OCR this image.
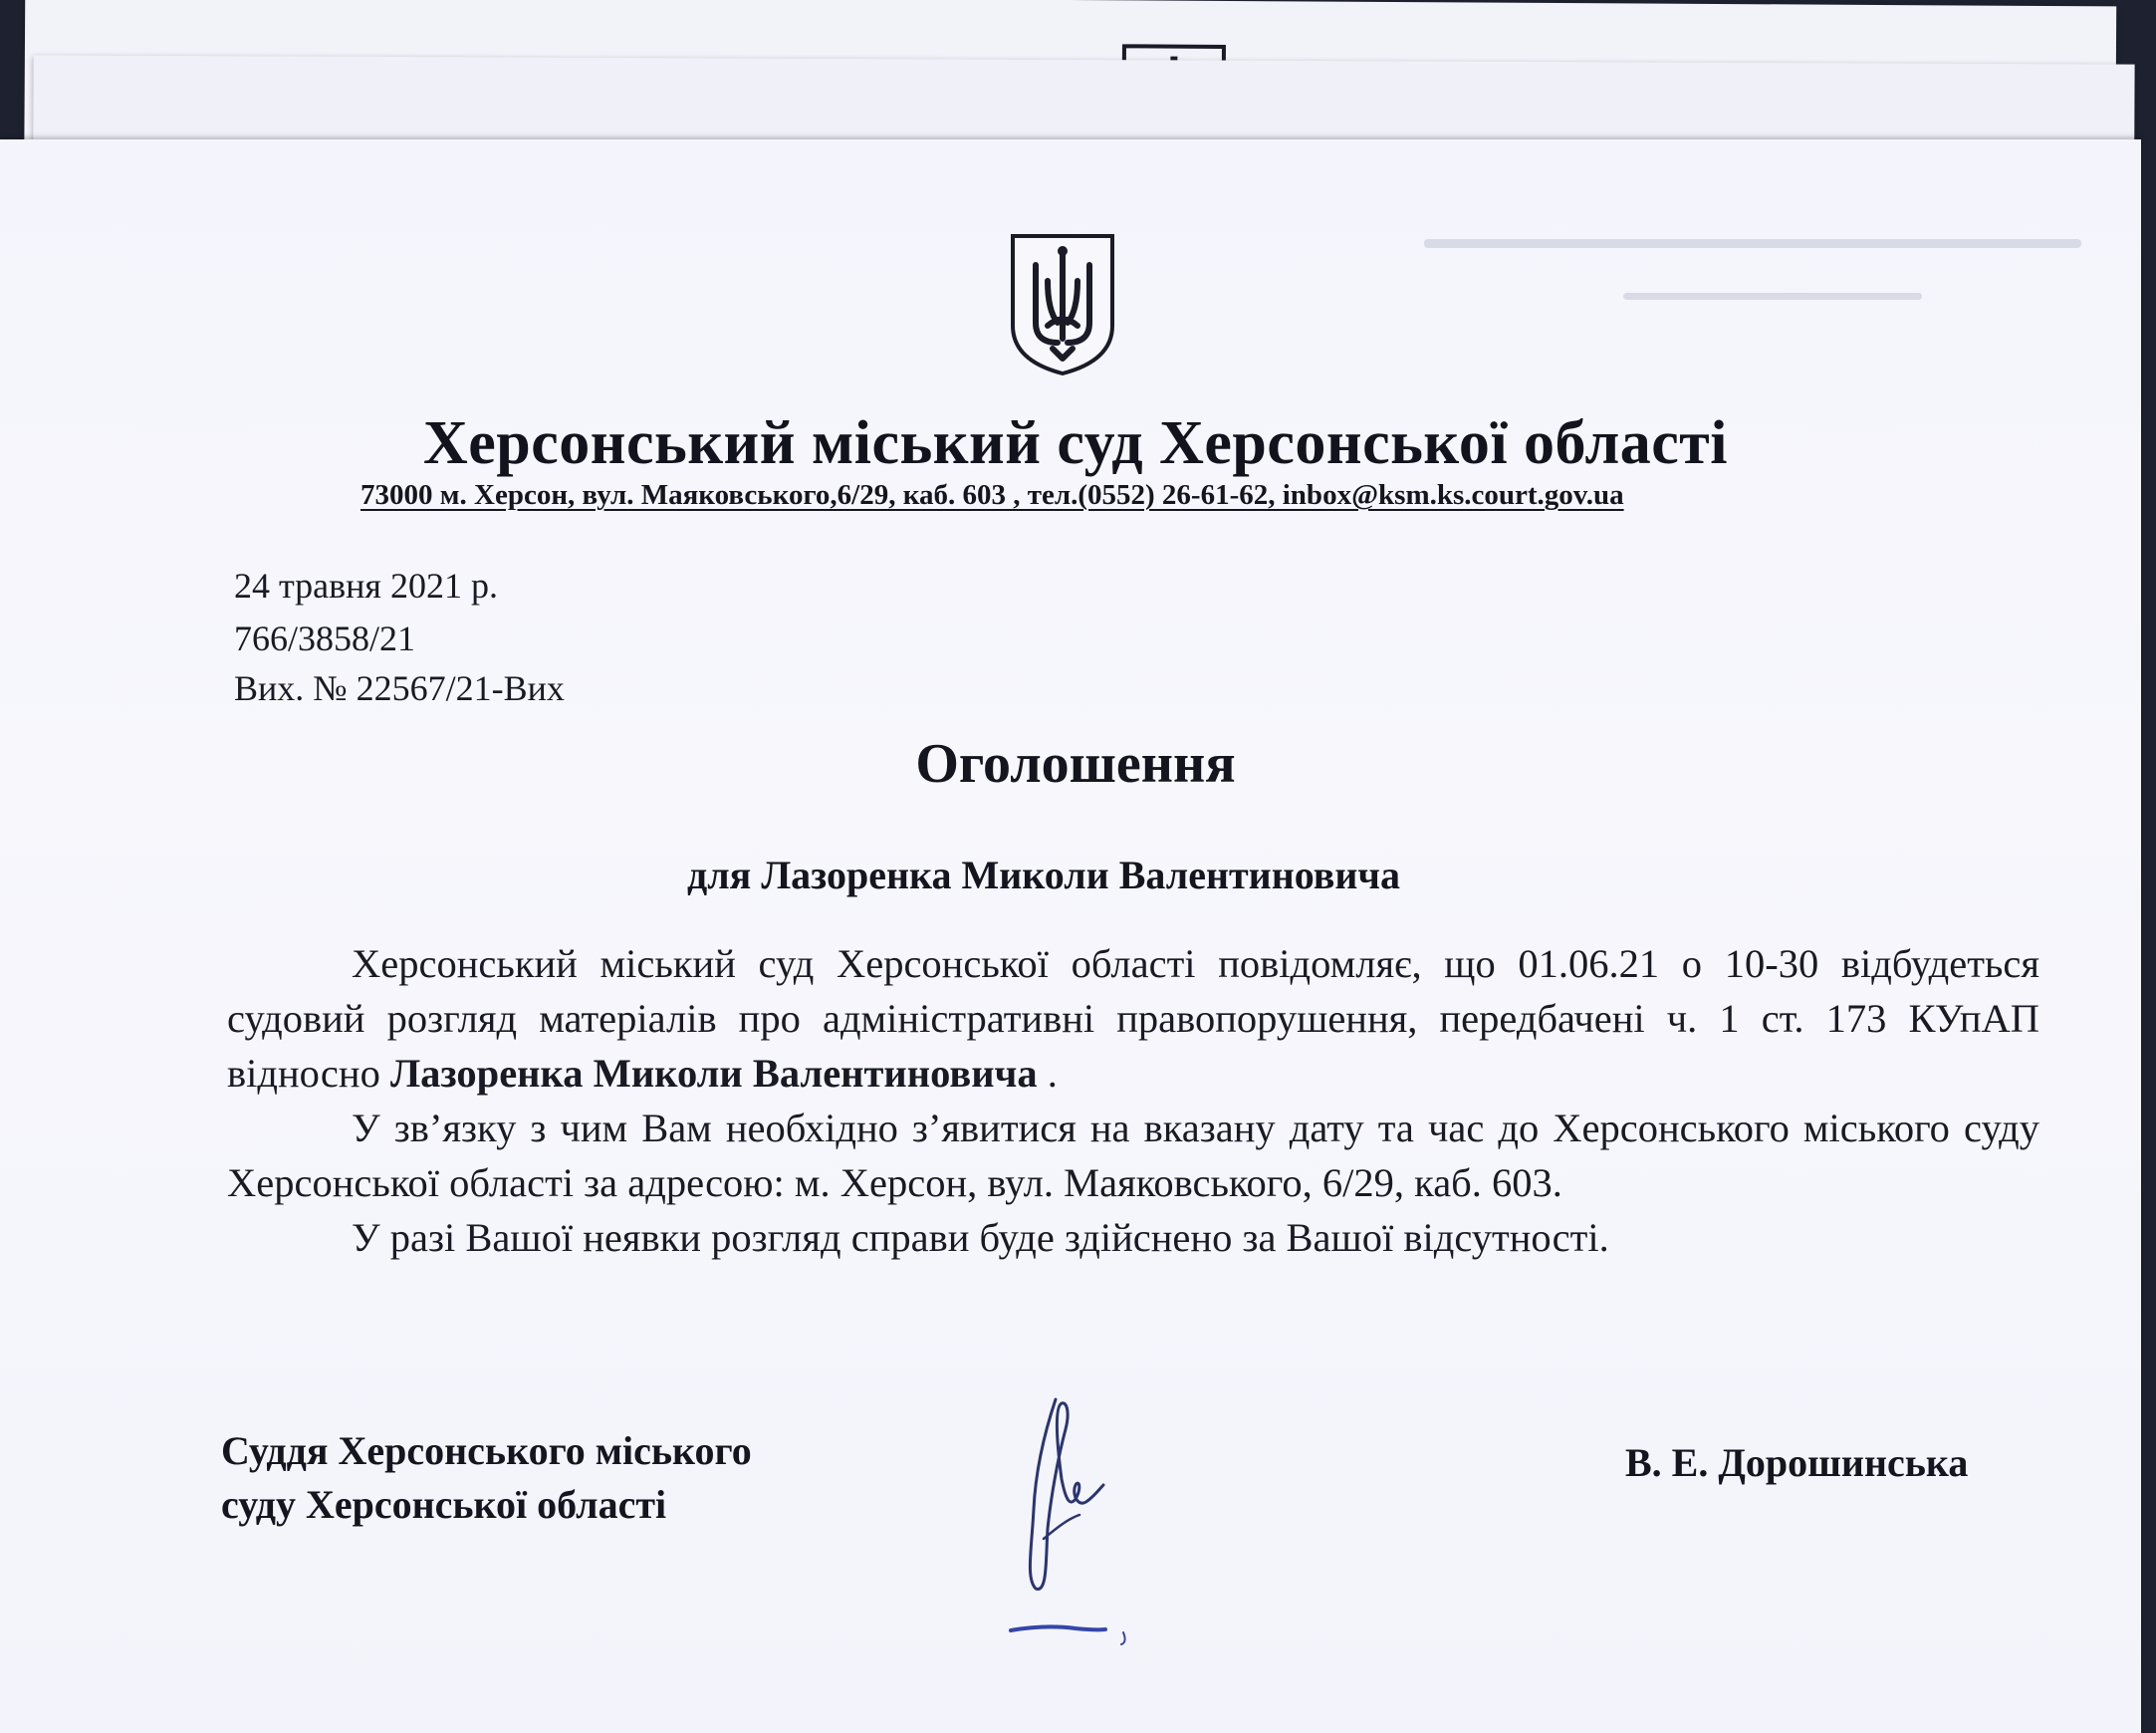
Херсонський міський суд Херсонської області
73000 м. Херсон, вул. Маяковського,6/29, каб. 603 , тел.(0552) 26-61-62, inbox@ksm.ks.court.gov.ua
24 травня 2021 р.
766/3858/21
Вих. № 22567/21-Вих
Оголошення
для Лазоренка Миколи Валентиновича

Херсонський міський суд Херсонської області повідомляє, що 01.06.21 о 10-30 відбудеться судовий розгляд матеріалів про адміністративні правопорушення, передбачені ч. 1 ст. 173 КУпАП відносно Лазоренка Миколи Валентиновича .

У зв’язку з чим Вам необхідно з’явитися на вказану дату та час до Херсонського міського суду Херсонської області за адресою: м. Херсон, вул. Маяковського, 6/29, каб. 603.

У разі Вашої неявки розгляд справи буде здійснено за Вашої відсутності.

Суддя Херсонського міського
суду Херсонської області
В. Е. Дорошинська
